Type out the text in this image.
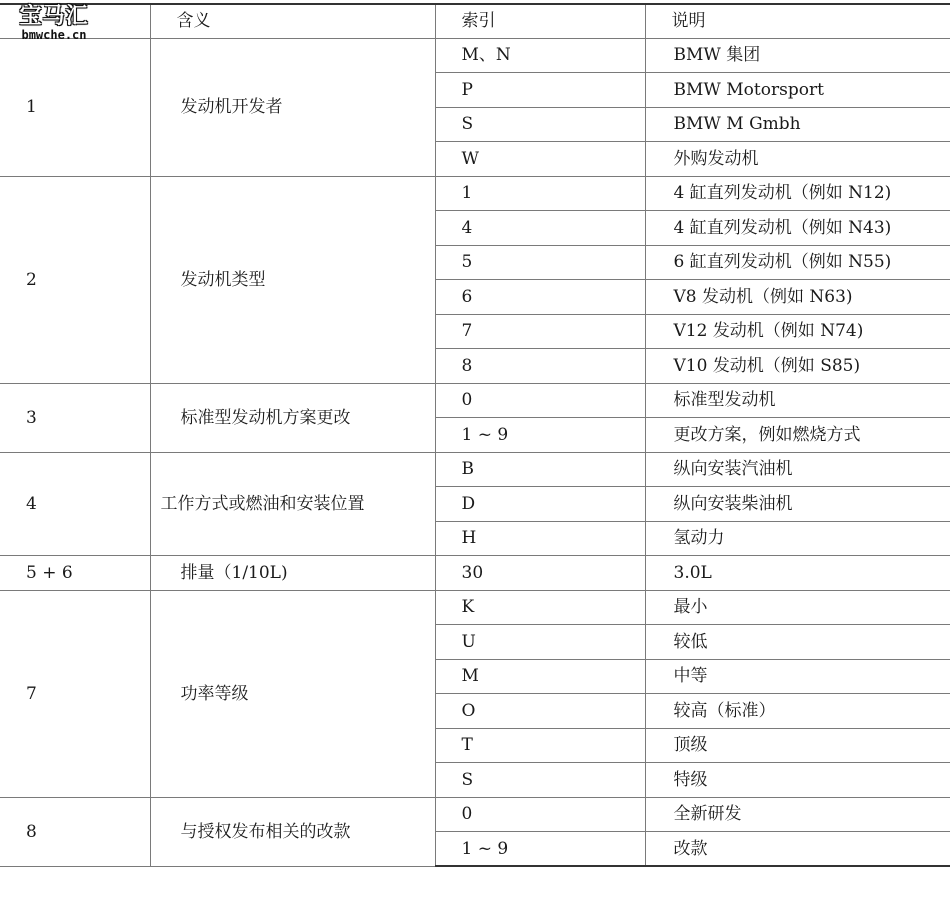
宝马汇
bmwche.cn
	含义	索引	说明
1	发动机开发者	M、N	BMW 集团
		P	BMW Motorsport
		S	BMW M Gmbh
		W	外购发动机
2	发动机类型	1	4 缸直列发动机（例如 N12)
		4	4 缸直列发动机（例如 N43)
		5	6 缸直列发动机（例如 N55)
		6	V8 发动机（例如 N63)
		7	V12 发动机（例如 N74)
		8	V10 发动机（例如 S85)
3	标准型发动机方案更改	0	标准型发动机
		1 ~ 9	更改方案，例如燃烧方式
4	工作方式或燃油和安装位置	B	纵向安装汽油机
		D	纵向安装柴油机
		H	氢动力
5 + 6	排量（1/10L)	30	3.0L
7	功率等级	K	最小
		U	较低
		M	中等
		O	较高（标准）
		T	顶级
		S	特级
8	与授权发布相关的改款	0	全新研发
		1 ~ 9	改款
